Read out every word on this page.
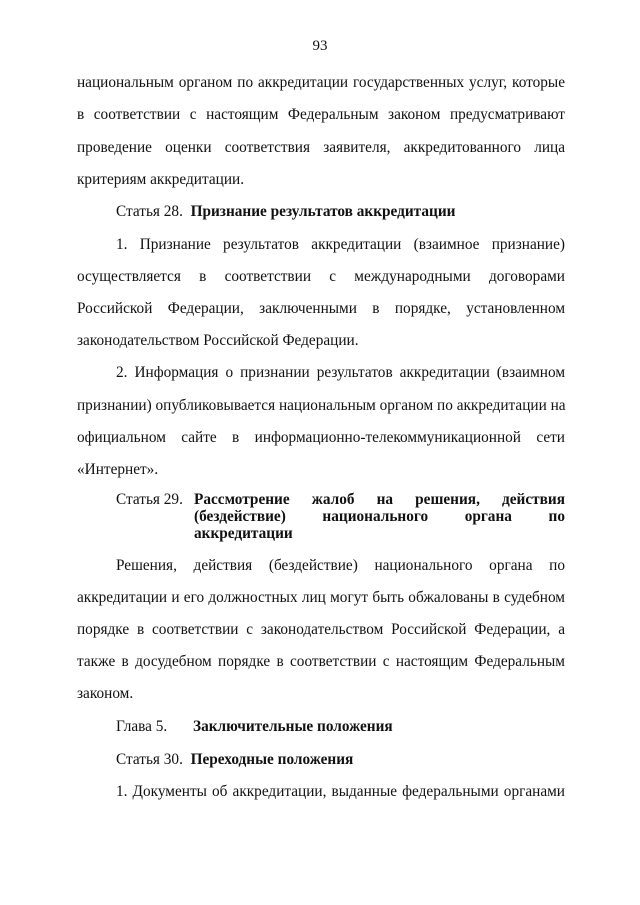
93
национальным органом по аккредитации государственных услуг, которые
в соответствии с настоящим Федеральным законом предусматривают
проведение оценки соответствия заявителя, аккредитованного лица
критериям аккредитации.
Статья 28. Признание результатов аккредитации
1. Признание результатов аккредитации (взаимное признание)
осуществляется в соответствии с международными договорами
Российской Федерации, заключенными в порядке, установленном
законодательством Российской Федерации.
2. Информация о признании результатов аккредитации (взаимном
признании) опубликовывается национальным органом по аккредитации на
официальном сайте в информационно-телекоммуникационной сети
«Интернет».
Статья 29. Рассмотрение жалоб на решения, действия
(бездействие) национального органа по
аккредитации
Решения, действия (бездействие) национального органа по
аккредитации и его должностных лиц могут быть обжалованы в судебном
порядке в соответствии с законодательством Российской Федерации, а
также в досудебном порядке в соответствии с настоящим Федеральным
законом.
Глава 5. Заключительные положения
Статья 30. Переходные положения
1. Документы об аккредитации, выданные федеральными органами
